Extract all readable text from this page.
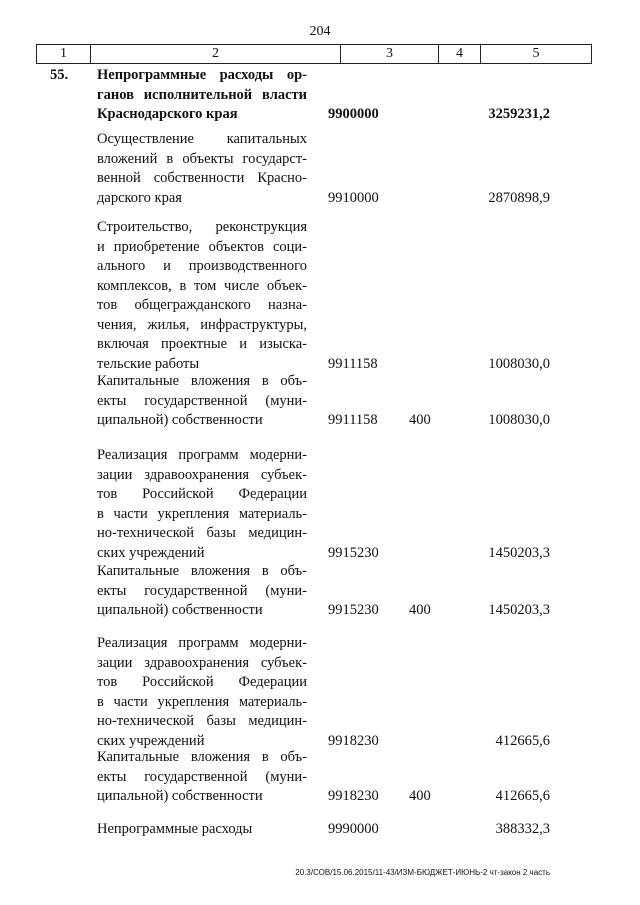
204
1	2	3	4	5
55. Непрограммные расходы ор-
ганов исполнительной власти
Краснодарского края	9900000	3259231,2
Осуществление капитальных
вложений в объекты государст-
венной собственности Красно-
дарского края	9910000	2870898,9
Строительство, реконструкция
и приобретение объектов соци-
ального и производственного
комплексов, в том числе объек-
тов общегражданского назна-
чения, жилья, инфраструктуры,
включая проектные и изыска-
тельские работы	9911158	1008030,0
Капитальные вложения в объ-
екты государственной (муни-
ципальной) собственности	9911158 400	1008030,0
Реализация программ модерни-
зации здравоохранения субъек-
тов Российской Федерации
в части укрепления материаль-
но-технической базы медицин-
ских учреждений	9915230	1450203,3
Капитальные вложения в объ-
екты государственной (муни-
ципальной) собственности	9915230 400	1450203,3
Реализация программ модерни-
зации здравоохранения субъек-
тов Российской Федерации
в части укрепления материаль-
но-технической базы медицин-
ских учреждений	9918230	412665,6
Капитальные вложения в объ-
екты государственной (муни-
ципальной) собственности	9918230 400	412665,6
Непрограммные расходы	9990000	388332,3
20.3/СОВ/15.06.2015/11-43/ИЗМ-БЮДЖЕТ-ИЮНЬ-2 чт-закон 2 часть
